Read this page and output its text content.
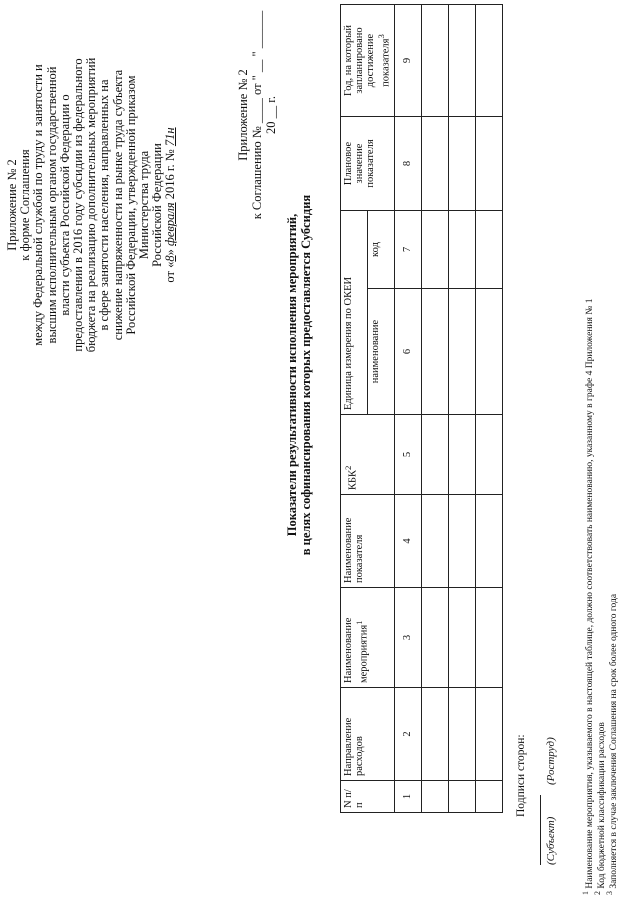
Приложение № 2 к форме Соглашения между Федеральной службой по труду и занятости и высшим исполнительным органом государственной власти субъекта Российской Федерации о предоставлении в 2016 году субсидии из федерального бюджета на реализацию дополнительных мероприятий в сфере занятости населения, направленных на снижение напряженности на рынке труда субъекта Российской Федерации, утвержденной приказом Министерства труда Российской Федерации
от «8» февраля 2016 г. № 71н	Приложение № 2 к Соглашению № ____ от " __ " ______ 20 __ г.
Показатели результативности исполнения мероприятий, в целях софинансирования которых предоставляется Субсидия
N п/п	Направление расходов	Наименование мероприятия$^1$	Наименование показателя	КБК$^2$	Единица измерения по ОКЕИ		Плановое значение показателя	Год, на который запланировано достижение показателя$^3$
					наименование	код		
1	2	3	4	5	6	7	8	9

Подписи сторон:
(Субъект)
(Роструд)
$^1$ Наименование мероприятия, указываемого в настоящей таблице, должно соответствовать наименованию, указанному в графе 4 Приложения № 1
$^2$ Код бюджетной классификации расходов
$^3$ Заполняется в случае заключения Соглашения на срок более одного года
